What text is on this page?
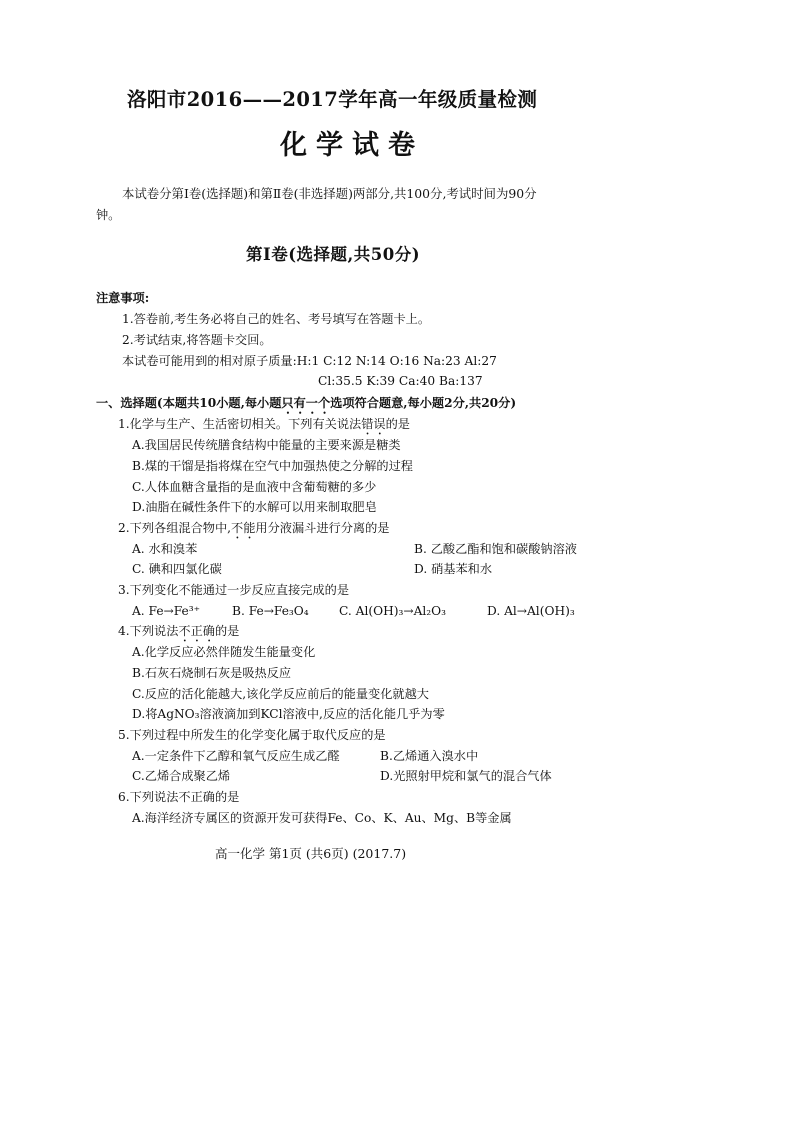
洛阳市2016——2017学年高一年级质量检测
化学试卷
本试卷分第Ⅰ卷(选择题)和第Ⅱ卷(非选择题)两部分,共100分,考试时间为90分
钟。
第Ⅰ卷(选择题,共50分)
注意事项:
1.答卷前,考生务必将自己的姓名、考号填写在答题卡上。
2.考试结束,将答题卡交回。
本试卷可能用到的相对原子质量:H:1 C:12 N:14 O:16 Na:23 Al:27
Cl:35.5 K:39 Ca:40 Ba:137
一、选择题(本题共10小题,每小题只有一个选项符合题意,每小题2分,共20分)
1.化学与生产、生活密切相关。下列有关说法错误的是
A.我国居民传统膳食结构中能量的主要来源是糖类
B.煤的干馏是指将煤在空气中加强热使之分解的过程
C.人体血糖含量指的是血液中含葡萄糖的多少
D.油脂在碱性条件下的水解可以用来制取肥皂
2.下列各组混合物中,不能用分液漏斗进行分离的是
A. 水和溴苯	B. 乙酸乙酯和饱和碳酸钠溶液
C. 碘和四氯化碳	D. 硝基苯和水
3.下列变化不能通过一步反应直接完成的是
A. Fe→Fe³⁺	B. Fe→Fe₃O₄ C. Al(OH)₃→Al₂O₃	D. Al→Al(OH)₃
4.下列说法不正确的是
A.化学反应必然伴随发生能量变化
B.石灰石烧制石灰是吸热反应
C.反应的活化能越大,该化学反应前后的能量变化就越大
D.将AgNO₃溶液滴加到KCl溶液中,反应的活化能几乎为零
5.下列过程中所发生的化学变化属于取代反应的是
A.一定条件下乙醇和氧气反应生成乙醛	B.乙烯通入溴水中
C.乙烯合成聚乙烯	D.光照射甲烷和氯气的混合气体
6.下列说法不正确的是
A.海洋经济专属区的资源开发可获得Fe、Co、K、Au、Mg、B等金属
高一化学 第1页 (共6页) (2017.7)
